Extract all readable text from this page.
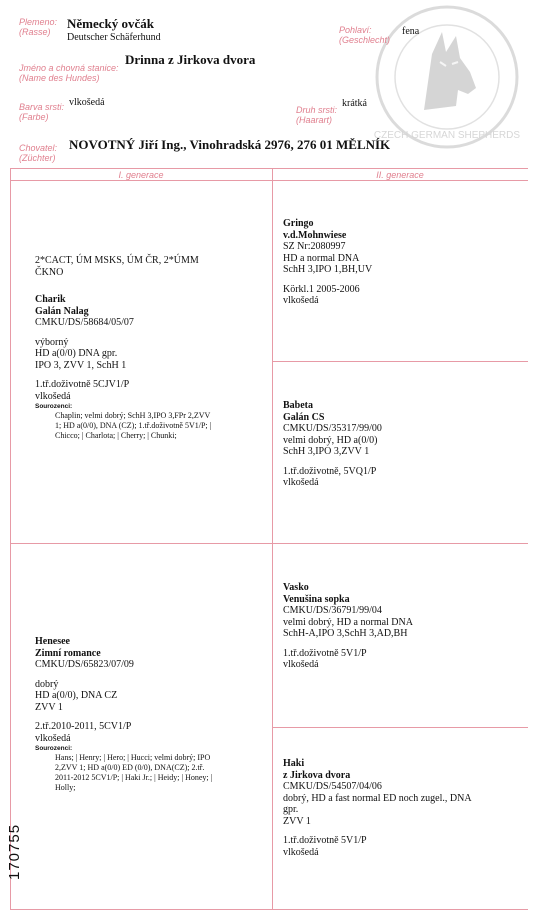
CZECH GERMAN SHEPHERDS
Plemeno:
(Rasse)
Německý ovčák
Deutscher Schäferhund
Pohlaví:
(Geschlecht)
fena
Jméno a chovná stanice:
(Name des Hundes)
Drinna z Jirkova dvora
Barva srsti:
(Farbe)
vlkošedá
Druh srsti:
(Haarart)
krátká
Chovatel:
(Züchter)
NOVOTNÝ Jiří Ing., Vinohradská 2976, 276 01 MĚLNÍK
I. generace	II. generace
2*CACT, ÚM MSKS, ÚM ČR, 2*ÚMM
ČKNO
Charik
Galán Nalag
CMKU/DS/58684/05/07
výborný
HD a(0/0) DNA gpr.
IPO 3, ZVV 1, SchH 1
1.tř.doživotně 5CJV1/P
vlkošedá
Sourozenci:
Chaplin; velmi dobrý; SchH 3,IPO 3,FPr 2,ZVV
1; HD a(0/0), DNA (CZ); 1.tř.doživotně 5V1/P; |
Chicco; | Charlota; | Cherry; | Chunki;
Gringo
v.d.Mohnwiese
SZ Nr:2080997
HD a normal DNA
SchH 3,IPO 1,BH,UV
Körkl.1 2005-2006
vlkošedá
Babeta
Galán CS
CMKU/DS/35317/99/00
velmi dobrý, HD a(0/0)
SchH 3,IPO 3,ZVV 1
1.tř.doživotně, 5VQ1/P
vlkošedá
Henesee
Zimní romance
CMKU/DS/65823/07/09
dobrý
HD a(0/0), DNA CZ
ZVV 1
2.tř.2010-2011, 5CV1/P
vlkošedá
Sourozenci:
Hans; | Henry; | Hero; | Hucci; velmi dobrý; IPO
2,ZVV 1; HD a(0/0) ED (0/0), DNA(CZ); 2.tř.
2011-2012 5CV1/P; | Haki Jr.; | Heidy; | Honey; |
Holly;
Vasko
Venušina sopka
CMKU/DS/36791/99/04
velmi dobrý, HD a normal DNA
SchH-A,IPO 3,SchH 3,AD,BH
1.tř.doživotně 5V1/P
vlkošedá
Haki
z Jirkova dvora
CMKU/DS/54507/04/06
dobrý, HD a fast normal ED noch zugel., DNA
gpr.
ZVV 1
1.tř.doživotně 5V1/P
vlkošedá
170755
